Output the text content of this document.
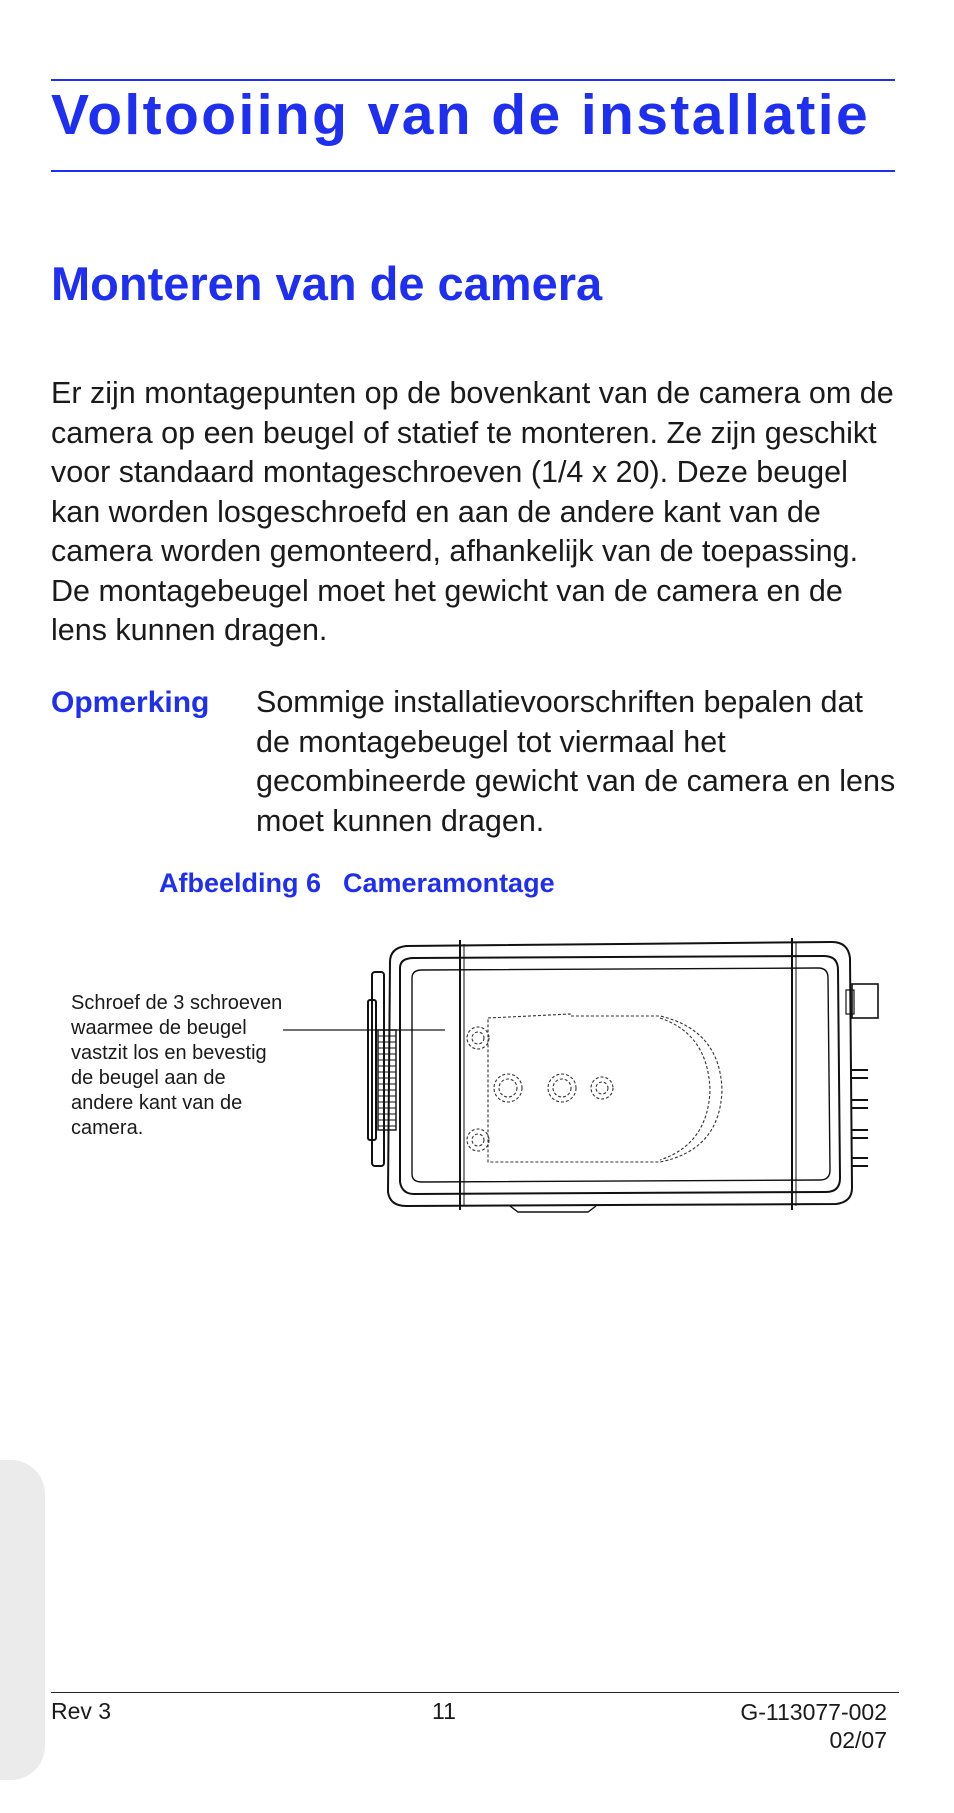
Voltooiing van de installatie
Monteren van de camera

Er zijn montagepunten op de bovenkant van de camera om de camera op een beugel of statief te monteren. Ze zijn geschikt voor standaard montageschroeven (1/4 x 20). Deze beugel kan worden losgeschroefd en aan de andere kant van de camera worden gemonteerd, afhankelijk van de toepassing. De montagebeugel moet het gewicht van de camera en de lens kunnen dragen.

Opmerking Sommige installatievoorschriften bepalen dat de montagebeugel tot viermaal het gecombineerde gewicht van de camera en lens moet kunnen dragen.

Afbeelding 6 Cameramontage

Schroef de 3 schroeven waarmee de beugel vastzit los en bevestig de beugel aan de andere kant van de camera.

Rev 3	11	G-113077-002
02/07
